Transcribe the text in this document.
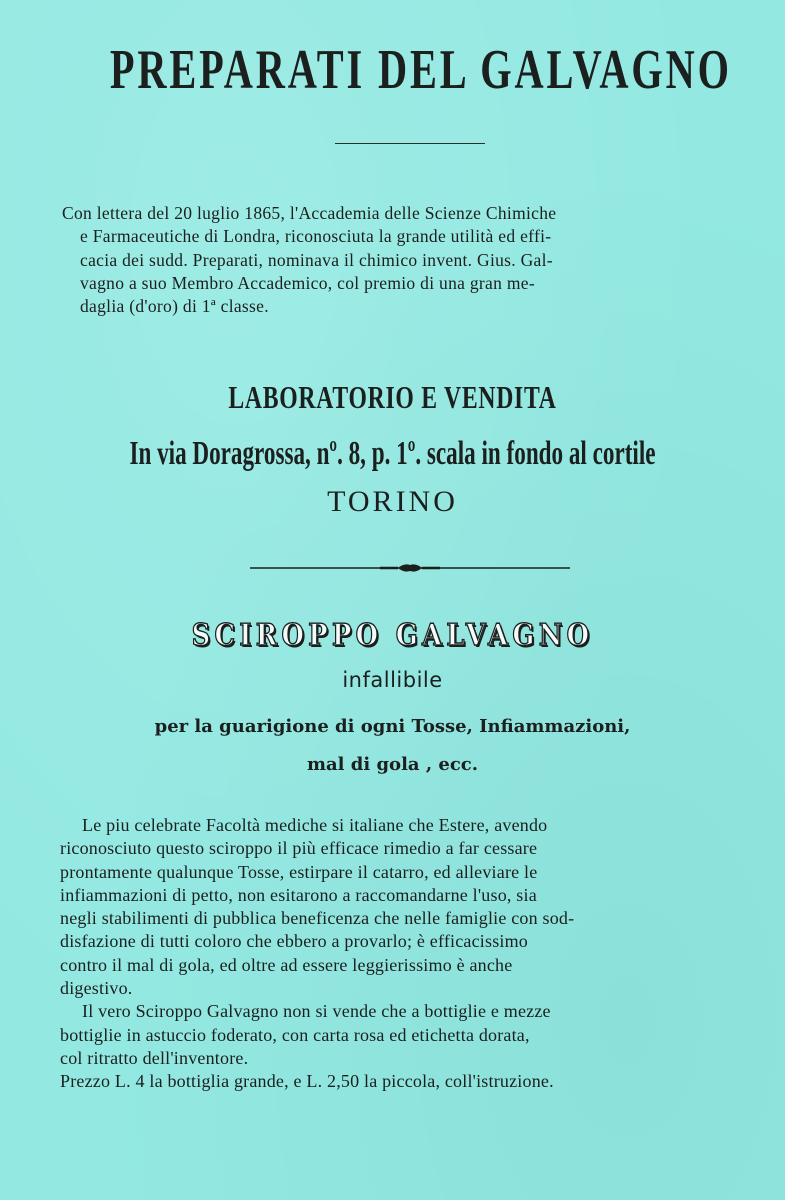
PREPARATI DEL GALVAGNO
Con lettera del 20 luglio 1865, l'Accademia delle Scienze Chimiche
e Farmaceutiche di Londra, riconosciuta la grande utilità ed effi-
cacia dei sudd. Preparati, nominava il chimico invent. Gius. Gal-
vagno a suo Membro Accademico, col premio di una gran me-
daglia (d'oro) di 1ª classe.
LABORATORIO E VENDITA
In via Doragrossa, nº. 8, p. 1º. scala in fondo al cortile
TORINO
SCIROPPO GALVAGNO
infallibile
per la guarigione di ogni Tosse, Infiammazioni,
mal di gola , ecc.
Le piu celebrate Facoltà mediche si italiane che Estere, avendo
riconosciuto questo sciroppo il più efficace rimedio a far cessare
prontamente qualunque Tosse, estirpare il catarro, ed alleviare le
infiammazioni di petto, non esitarono a raccomandarne l'uso, sia
negli stabilimenti di pubblica beneficenza che nelle famiglie con sod-
disfazione di tutti coloro che ebbero a provarlo; è efficacissimo
contro il mal di gola, ed oltre ad essere leggierissimo è anche
digestivo.
Il vero Sciroppo Galvagno non si vende che a bottiglie e mezze
bottiglie in astuccio foderato, con carta rosa ed etichetta dorata,
col ritratto dell'inventore.
Prezzo L. 4 la bottiglia grande, e L. 2,50 la piccola, coll'istruzione.
